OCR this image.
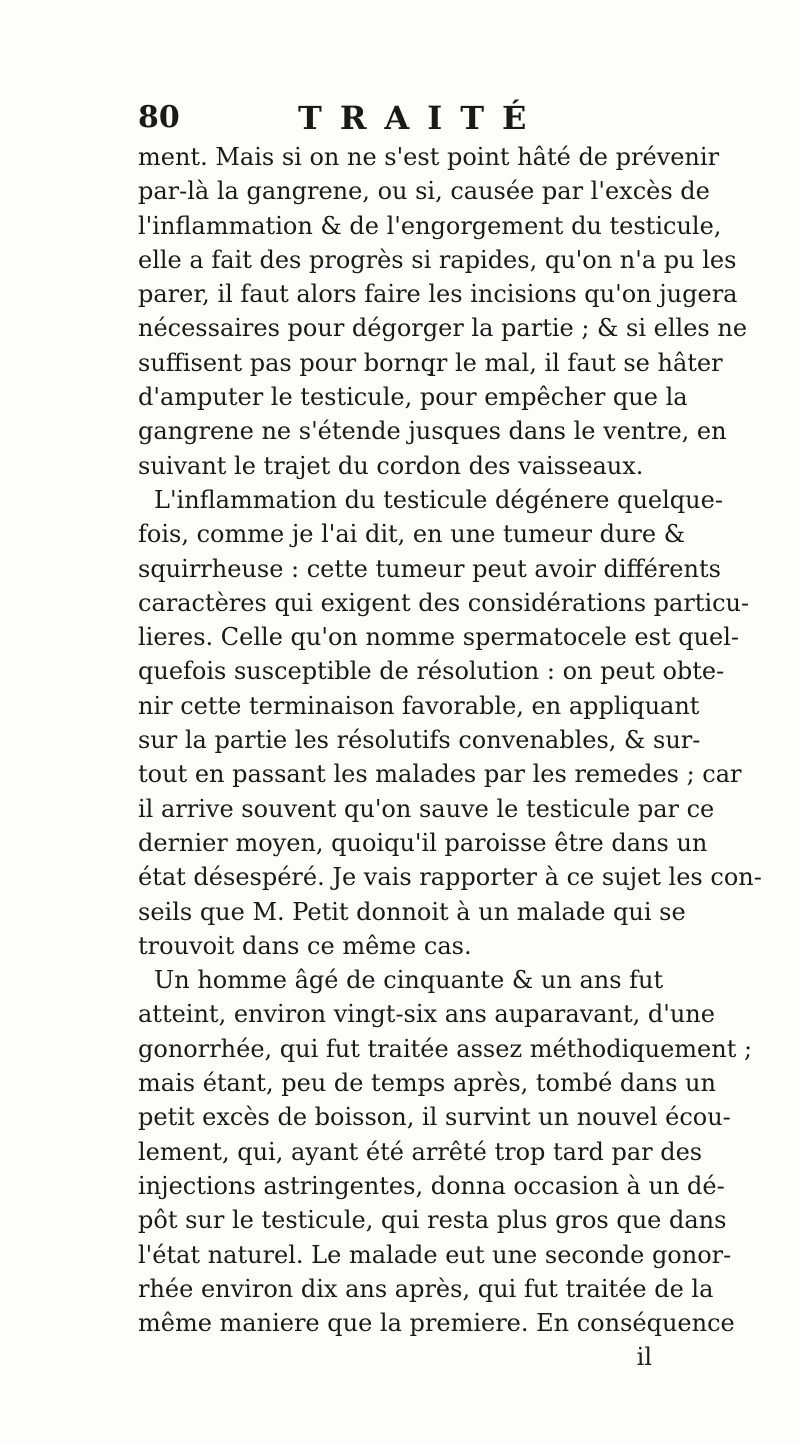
80	TRAITÉ
ment. Mais si on ne s'est point hâté de prévenir
par-là la gangrene, ou si, causée par l'excès de
l'inflammation & de l'engorgement du testicule,
elle a fait des progrès si rapides, qu'on n'a pu les
parer, il faut alors faire les incisions qu'on jugera
nécessaires pour dégorger la partie ; & si elles ne
suffisent pas pour bornq̧r le mal, il faut se hâter
d'amputer le testicule, pour empêcher que la
gangrene ne s'étende jusques dans le ventre, en
suivant le trajet du cordon des vaisseaux.
L'inflammation du testicule dégénere quelque-
fois, comme je l'ai dit, en une tumeur dure &
squirrheuse : cette tumeur peut avoir différents
caractères qui exigent des considérations particu-
lieres. Celle qu'on nomme spermatocele est quel-
quefois susceptible de résolution : on peut obte-
nir cette terminaison favorable, en appliquant
sur la partie les résolutifs convenables, & sur-
tout en passant les malades par les remedes ; car
il arrive souvent qu'on sauve le testicule par ce
dernier moyen, quoiqu'il paroisse être dans un
état désespéré. Je vais rapporter à ce sujet les con-
seils que M. Petit donnoit à un malade qui se
trouvoit dans ce même cas.
Un homme âgé de cinquante & un ans fut
atteint, environ vingt-six ans auparavant, d'une
gonorrhée, qui fut traitée assez méthodiquement ;
mais étant, peu de temps après, tombé dans un
petit excès de boisson, il survint un nouvel écou-
lement, qui, ayant été arrêté trop tard par des
injections astringentes, donna occasion à un dé-
pôt sur le testicule, qui resta plus gros que dans
l'état naturel. Le malade eut une seconde gonor-
rhée environ dix ans après, qui fut traitée de la
même maniere que la premiere. En conséquence
il
